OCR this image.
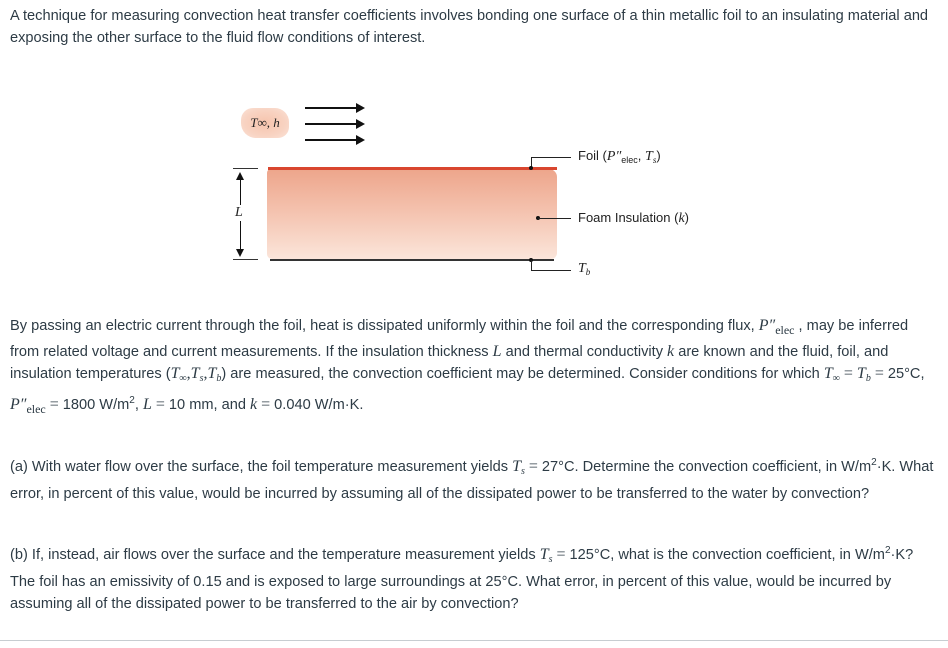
A technique for measuring convection heat transfer coefficients involves bonding one surface of a thin metallic foil to an insulating material and exposing the other surface to the fluid flow conditions of interest.

T∞, h
L
Foil ($P''_{elec}$, $T_s$)
Foam Insulation (k)
$T_b$

By passing an electric current through the foil, heat is dissipated uniformly within the foil and the corresponding flux, $P''_{elec}$ , may be inferred from related voltage and current measurements. If the insulation thickness L and thermal conductivity k are known and the fluid, foil, and insulation temperatures $(T_\infty,T_s,T_b)$ are measured, the convection coefficient may be determined. Consider conditions for which $T_\infty = T_b = 25^\circ C$, $P''_{elec} = 1800$ $W/m^2$, L = 10 mm, and k = 0.040 W/m·K.

(a) With water flow over the surface, the foil temperature measurement yields $T_s = 27^\circ C$. Determine the convection coefficient, in $W/m^2\cdot K$. What error, in percent of this value, would be incurred by assuming all of the dissipated power to be transferred to the water by convection?

(b) If, instead, air flows over the surface and the temperature measurement yields $T_s = 125^\circ C$, what is the convection coefficient, in $W/m^2\cdot K$? The foil has an emissivity of 0.15 and is exposed to large surroundings at 25°C. What error, in percent of this value, would be incurred by assuming all of the dissipated power to be transferred to the air by convection?
